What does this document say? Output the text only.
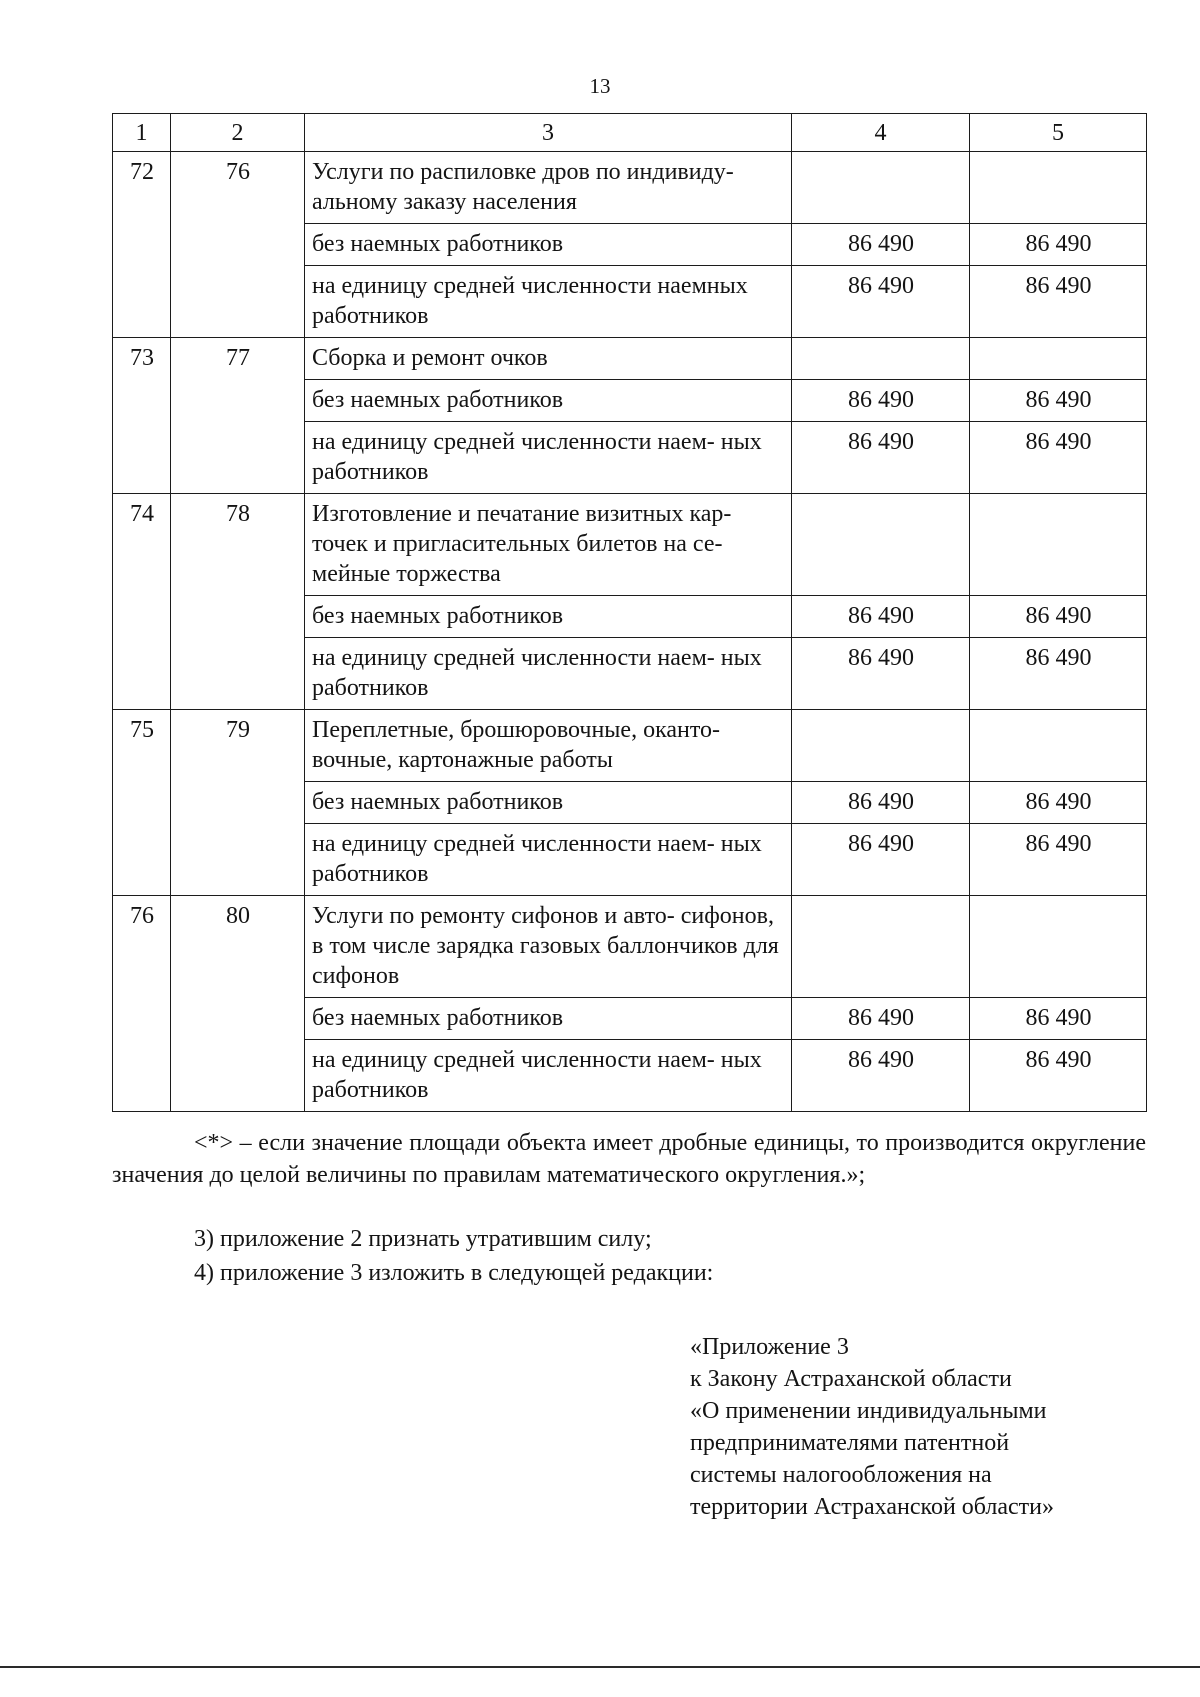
13
1	2	3	4	5
72	76	Услуги по распиловке дров по индивиду- альному заказу населения		
		без наемных работников	86 490	86 490
		на единицу средней численности наемных работников	86 490	86 490
73	77	Сборка и ремонт очков		
		без наемных работников	86 490	86 490
		на единицу средней численности наем- ных работников	86 490	86 490
74	78	Изготовление и печатание визитных кар- точек и пригласительных билетов на се- мейные торжества		
		без наемных работников	86 490	86 490
		на единицу средней численности наем- ных работников	86 490	86 490
75	79	Переплетные, брошюровочные, оканто- вочные, картонажные работы		
		без наемных работников	86 490	86 490
		на единицу средней численности наем- ных работников	86 490	86 490
76	80	Услуги по ремонту сифонов и авто- сифонов, в том числе зарядка газовых баллончиков для сифонов		
		без наемных работников	86 490	86 490
		на единицу средней численности наем- ных работников	86 490	86 490

<*> – если значение площади объекта имеет дробные единицы, то производится округление значения до целой величины по правилам математического округления.»;

3) приложение 2 признать утратившим силу;

4) приложение 3 изложить в следующей редакции:

«Приложение 3
к Закону Астраханской области
«О применении индивидуальными
предпринимателями патентной
системы налогообложения на
территории Астраханской области»
